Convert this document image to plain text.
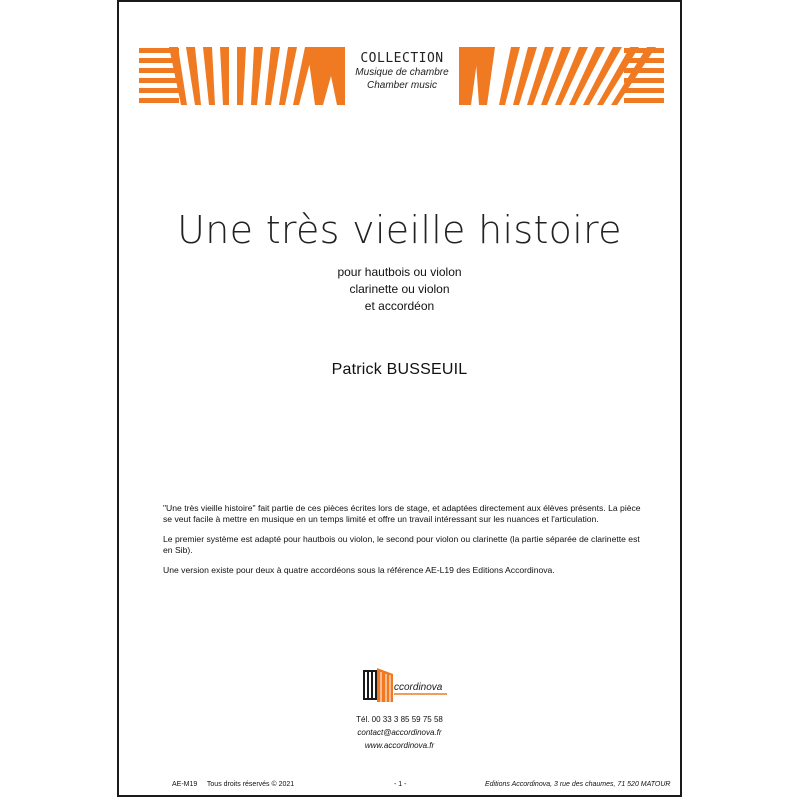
COLLECTION
Musique de chambre
Chamber music
Une très vieille histoire
pour hautbois ou violon
clarinette ou violon
et accordéon
Patrick BUSSEUIL

"Une très vieille histoire" fait partie de ces pièces écrites lors de stage, et adaptées directement aux élèves présents. La pièce se veut facile à mettre en musique en un temps limité et offre un travail intéressant sur les nuances et l'articulation.

Le premier système est adapté pour hautbois ou violon, le second pour violon ou clarinette (la partie séparée de clarinette est en Sib).

Une version existe pour deux à quatre accordéons sous la référence AE-L19 des Editions Accordinova.

ccordinova
Tél. 00 33 3 85 59 75 58
contact@accordinova.fr
www.accordinova.fr
AE-M19 Tous droits réservés © 2021	- 1 -	Editions Accordinova, 3 rue des chaumes, 71 520 MATOUR
